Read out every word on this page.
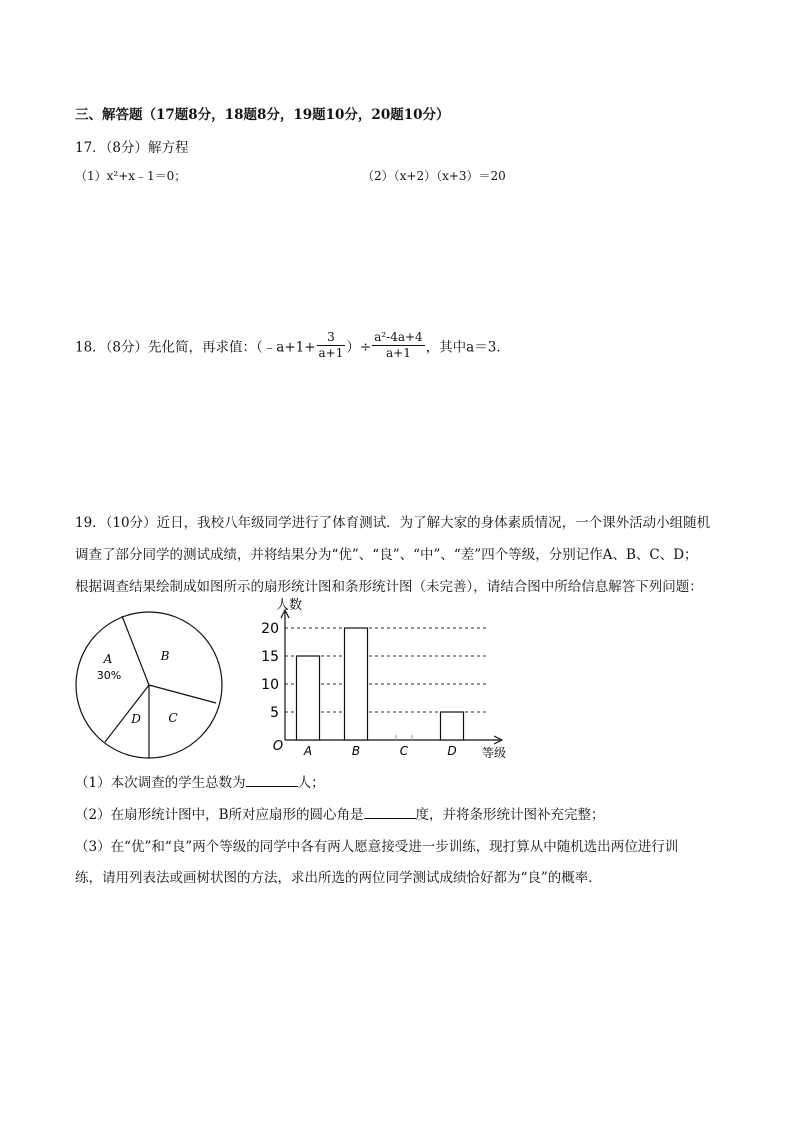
三、解答题（17题8分，18题8分，19题10分，20题10分）
17．（8分）解方程
（1）x²+x﹣1＝0；	（2）（x+2）（x+3）＝20
18．（8分）先化简，再求值：（﹣a+1+ $\frac{3}{a+1}$ ）÷ $\frac{\text{a²-4a+4}}{a+1}$ ，其中a＝3．
19．（10分）近日，我校八年级同学进行了体育测试．为了解大家的身体素质情况，一个课外活动小组随机
调查了部分同学的测试成绩，并将结果分为“优”、“良”、“中”、“差”四个等级，分别记作A、B、C、D；
根据调查结果绘制成如图所示的扇形统计图和条形统计图（未完善），请结合图中所给信息解答下列问题：
A
30%
B
C
D	5
10
15
20
人数
等级
O A	B	C	D
（1）本次调查的学生总数为	人；
（2）在扇形统计图中，B所对应扇形的圆心角是	度，并将条形统计图补充完整；
（3）在“优”和“良”两个等级的同学中各有两人愿意接受进一步训练，现打算从中随机选出两位进行训
练，请用列表法或画树状图的方法，求出所选的两位同学测试成绩恰好都为“良”的概率．
